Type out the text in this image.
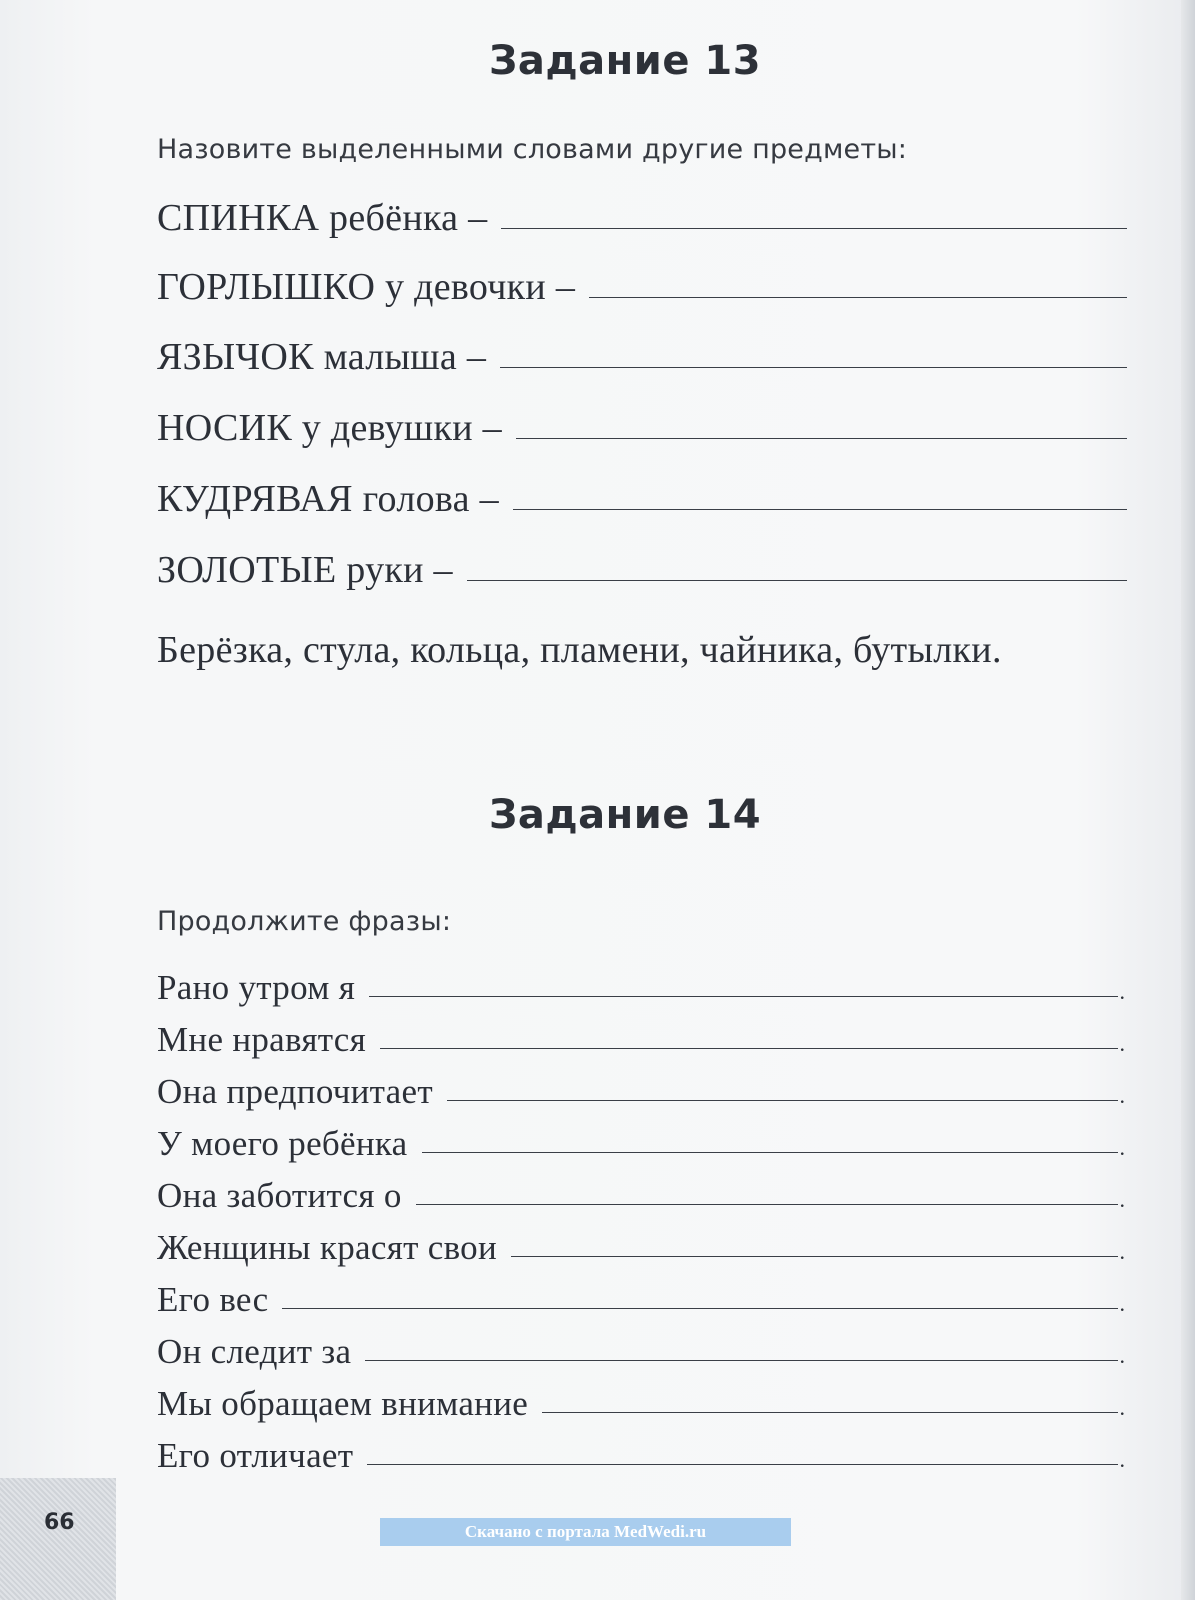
Задание 13
Назовите выделенными словами другие предметы:
СПИНКА ребёнка –
ГОРЛЫШКО у девочки –
ЯЗЫЧОК малыша –
НОСИК у девушки –
КУДРЯВАЯ голова –
ЗОЛОТЫЕ руки –
Берёзка, стула, кольца, пламени, чайника, бутылки.
Задание 14
Продолжите фразы:
Рано утром я	.
Мне нравятся	.
Она предпочитает	.
У моего ребёнка	.
Она заботится о	.
Женщины красят свои	.
Его вес	.
Он следит за	.
Мы обращаем внимание	.
Его отличает	.
66	Скачано с портала MedWedi.ru
